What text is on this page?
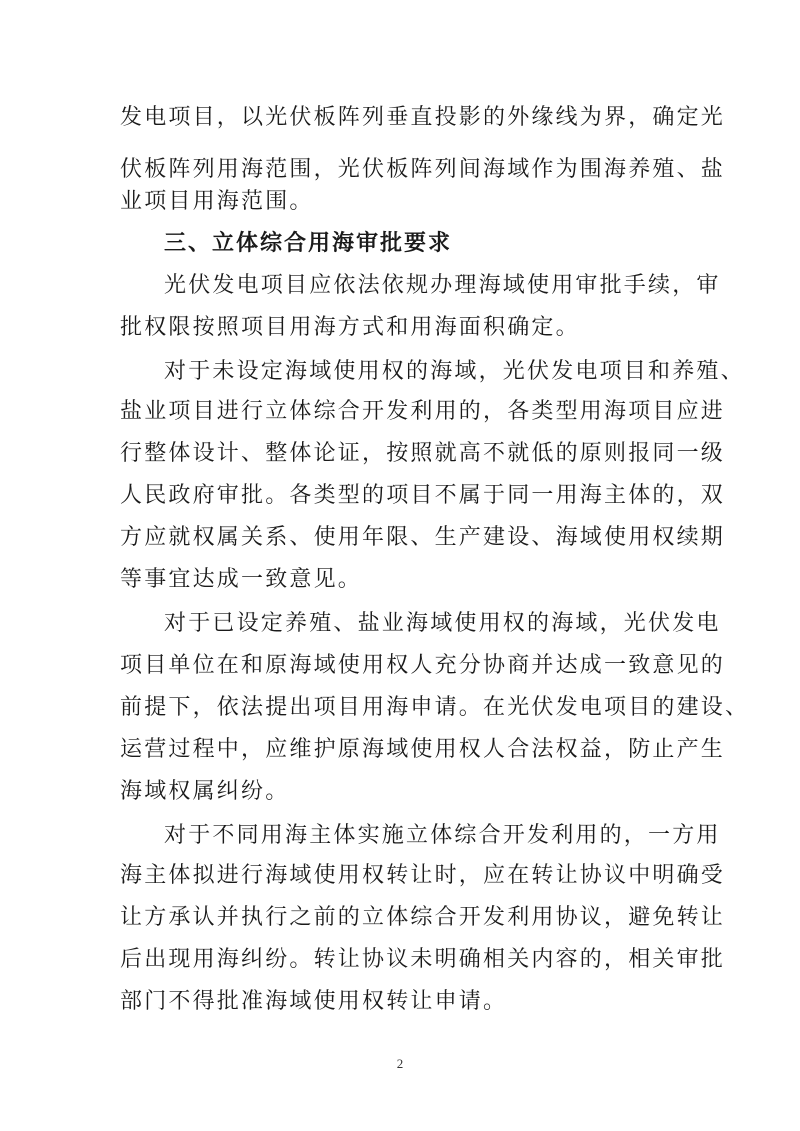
发电项目，以光伏板阵列垂直投影的外缘线为界，确定光
伏板阵列用海范围，光伏板阵列间海域作为围海养殖、盐
业项目用海范围。
三、立体综合用海审批要求
光伏发电项目应依法依规办理海域使用审批手续，审
批权限按照项目用海方式和用海面积确定。
对于未设定海域使用权的海域，光伏发电项目和养殖、
盐业项目进行立体综合开发利用的，各类型用海项目应进
行整体设计、整体论证，按照就高不就低的原则报同一级
人民政府审批。各类型的项目不属于同一用海主体的，双
方应就权属关系、使用年限、生产建设、海域使用权续期
等事宜达成一致意见。
对于已设定养殖、盐业海域使用权的海域，光伏发电
项目单位在和原海域使用权人充分协商并达成一致意见的
前提下，依法提出项目用海申请。在光伏发电项目的建设、
运营过程中，应维护原海域使用权人合法权益，防止产生
海域权属纠纷。
对于不同用海主体实施立体综合开发利用的，一方用
海主体拟进行海域使用权转让时，应在转让协议中明确受
让方承认并执行之前的立体综合开发利用协议，避免转让
后出现用海纠纷。转让协议未明确相关内容的，相关审批
部门不得批准海域使用权转让申请。
2
